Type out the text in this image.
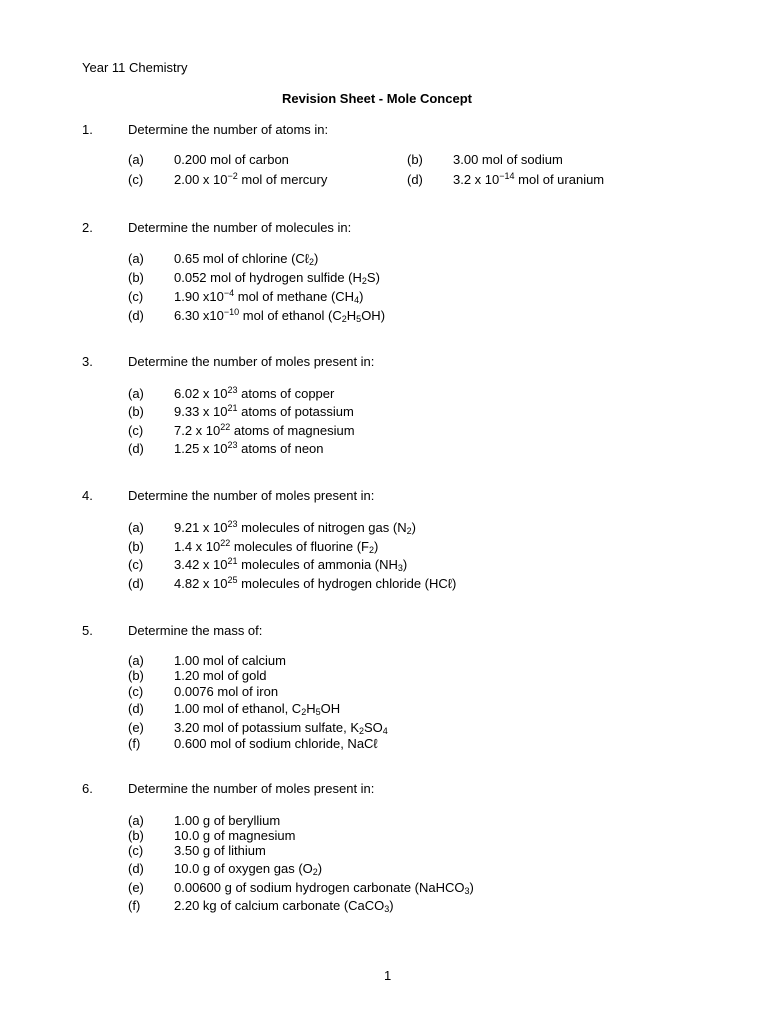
Year 11 Chemistry
Revision Sheet - Mole Concept
1.	Determine the number of atoms in:
(a) 0.200 mol of carbon	(b) 3.00 mol of sodium
(c) 2.00 x $10^{-2}$ mol of mercury	(d) 3.2 x $10^{-14}$ mol of uranium
2.	Determine the number of molecules in:
(a) 0.65 mol of chlorine (Cℓ$_2$)
(b) 0.052 mol of hydrogen sulfide $(H_2S)$
(c) 1.90 $x10^{-4}$ mol of methane $(CH_4)$
(d) 6.30 $x10^{-10}$ mol of ethanol $(C_2H_5OH)$
3.	Determine the number of moles present in:
(a) 6.02 x $10^{23}$ atoms of copper
(b) 9.33 x $10^{21}$ atoms of potassium
(c) 7.2 x $10^{22}$ atoms of magnesium
(d) 1.25 x $10^{23}$ atoms of neon
4.	Determine the number of moles present in:
(a) 9.21 x $10^{23}$ molecules of nitrogen gas $(N_2)$
(b) 1.4 x $10^{22}$ molecules of fluorine $(F_2)$
(c) 3.42 x $10^{21}$ molecules of ammonia $(NH_3)$
(d) 4.82 x $10^{25}$ molecules of hydrogen chloride (HCℓ)
5.	Determine the mass of:
(a) 1.00 mol of calcium
(b) 1.20 mol of gold
(c) 0.0076 mol of iron
(d) 1.00 mol of ethanol, $C_2H_5OH$
(e) 3.20 mol of potassium sulfate, $K_2SO_4$
(f)	0.600 mol of sodium chloride, NaCℓ
6.	Determine the number of moles present in:
(a) 1.00 g of beryllium
(b) 10.0 g of magnesium
(c) 3.50 g of lithium
(d) 10.0 g of oxygen gas $(O_2)$
(e) 0.00600 g of sodium hydrogen carbonate (NaHCO$_3$)
(f)	2.20 kg of calcium carbonate (CaCO$_3$)
1
